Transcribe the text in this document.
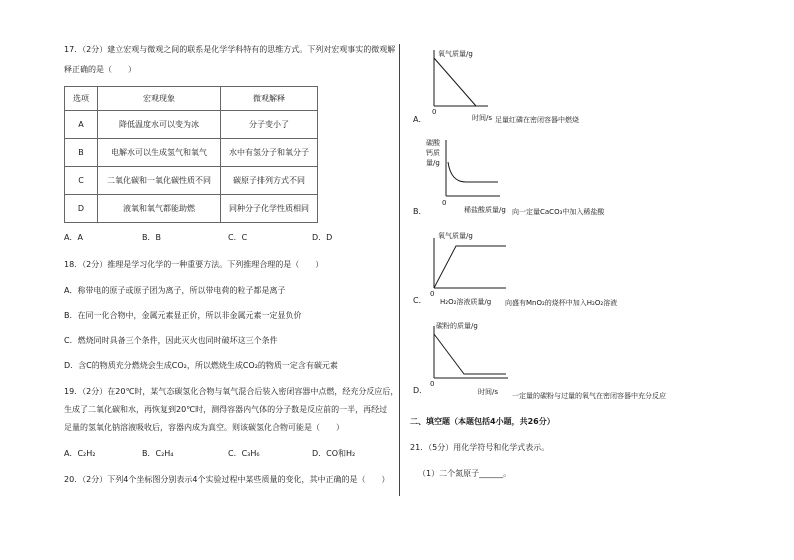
17．（2分）建立宏观与微观之间的联系是化学学科特有的思维方式。下列对宏观事实的微观解
释正确的是（　　）
选项	宏观现象	微观解释
A	降低温度水可以变为冰	分子变小了
B	电解水可以生成氢气和氧气	水中有氢分子和氧分子
C	二氧化碳和一氧化碳性质不同	碳原子排列方式不同
D	液氧和氧气都能助燃	同种分子化学性质相同
A．A	B．B	C．C	D．D
18．（2分）推理是学习化学的一种重要方法。下列推理合理的是（　　）
A．称带电的原子或原子团为离子，所以带电荷的粒子都是离子
B．在同一化合物中，金属元素显正价，所以非金属元素一定显负价
C．燃烧同时具备三个条件，因此灭火也同时破坏这三个条件
D．含C的物质充分燃烧会生成CO₂，所以燃烧生成CO₂的物质一定含有碳元素
19．（2分）在20℃时，某气态碳氢化合物与氧气混合后装入密闭容器中点燃，经充分反应后，
生成了二氧化碳和水，再恢复到20℃时，测得容器内气体的分子数是反应前的一半，再经过
足量的氢氧化钠溶液吸收后，容器内成为真空。则该碳氢化合物可能是（　　）
A．C₂H₂	B．C₂H₄	C．C₃H₆	D．CO和H₂
20．（2分）下列4个坐标图分别表示4个实验过程中某些质量的变化，其中正确的是（　　）
A．
氧气质量/g
0
时间/s 足量红磷在密闭容器中燃烧
B．
碳酸
钙质
量/g
0
稀盐酸质量/g 向一定量CaCO₃中加入稀盐酸
C．
氧气质量/g
0
H₂O₂溶液质量/g 向盛有MnO₂的烧杯中加入H₂O₂溶液
D．
碳粉的质量/g
0
时间/s 一定量的碳粉与过量的氧气在密闭容器中充分反应
二、填空题（本题包括4小题，共26分）
21．（5分）用化学符号和化学式表示。
（1）二个氮原子______。
